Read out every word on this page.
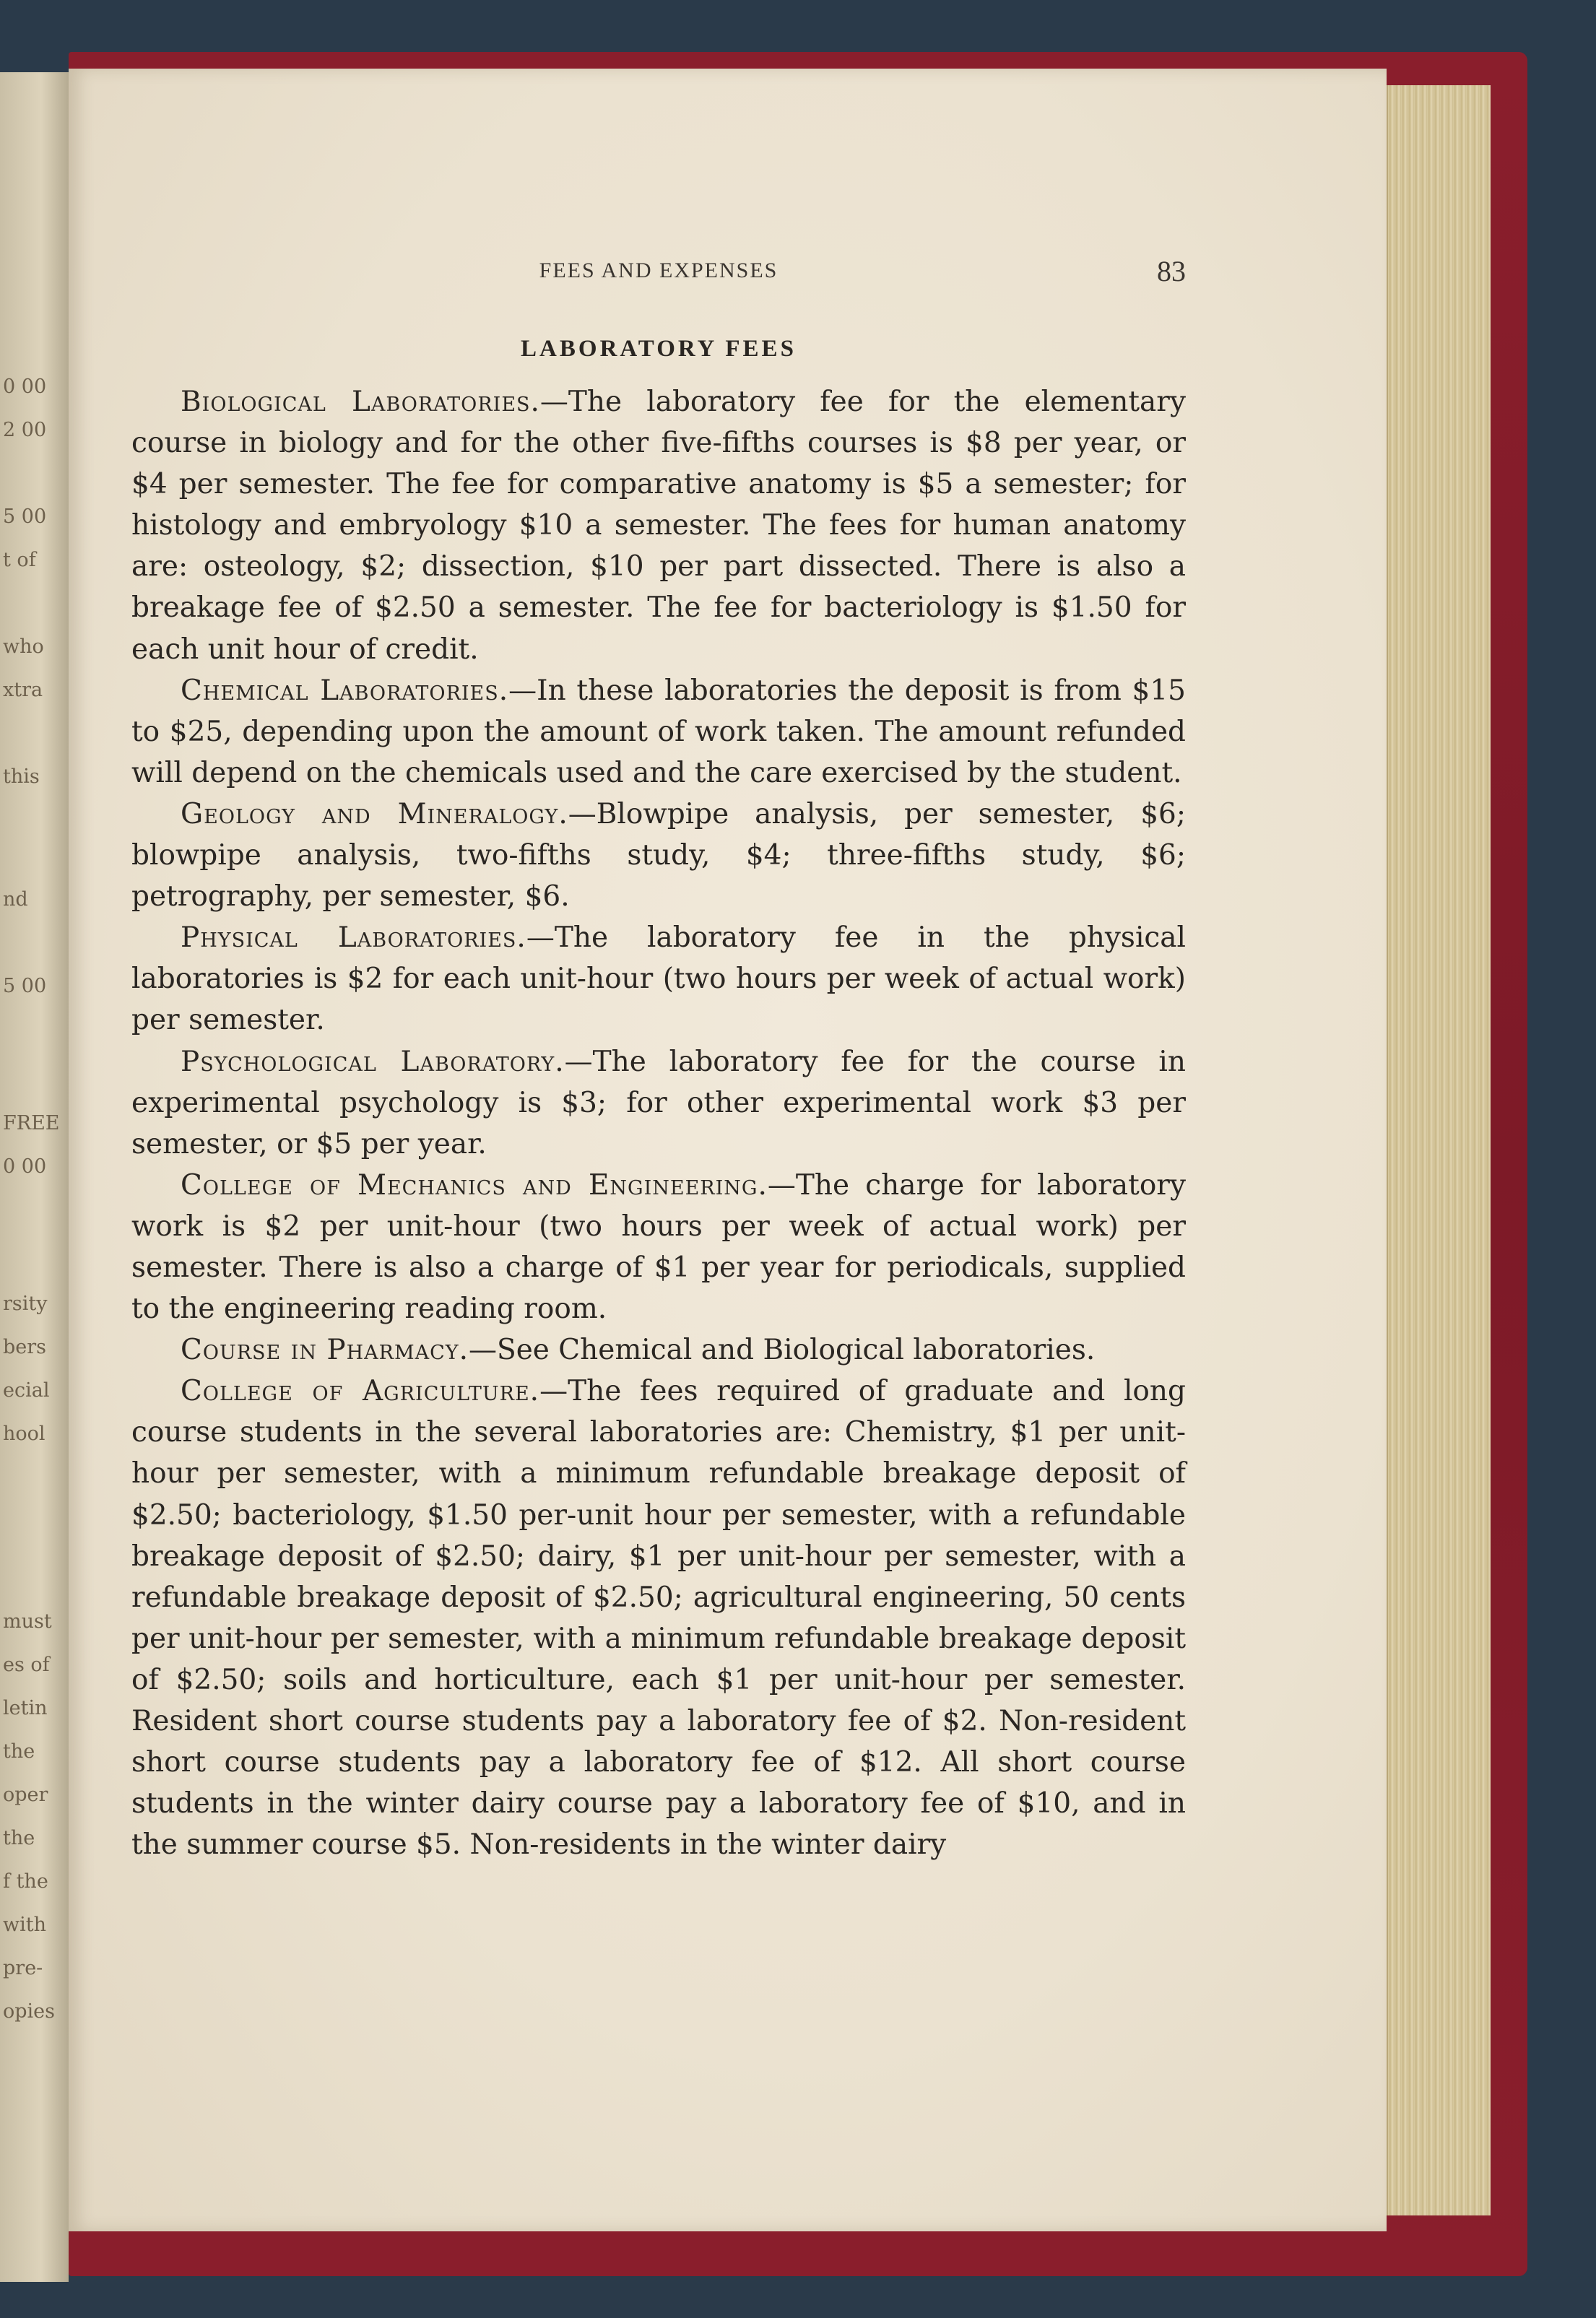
0 00
2 00
5 00
t of
who
xtra
this
nd
5 00
FREE
0 00
rsity
bers
ecial
hool
must
es of
letin
the
oper
the
f the
with
pre-
opies
FEES AND EXPENSES	83
LABORATORY FEES

Biological Laboratories.—The laboratory fee for the elementary course in biology and for the other five-fifths courses is $8 per year, or $4 per semester. The fee for comparative anatomy is $5 a semester; for histology and embryology $10 a semester. The fees for human anatomy are: osteology, $2; dissection, $10 per part dissected. There is also a breakage fee of $2.50 a semester. The fee for bacteriology is $1.50 for each unit hour of credit.

Chemical Laboratories.—In these laboratories the deposit is from $15 to $25, depending upon the amount of work taken. The amount refunded will depend on the chemicals used and the care exercised by the student.

Geology and Mineralogy.—Blowpipe analysis, per semester, $6; blowpipe analysis, two-fifths study, $4; three-fifths study, $6; petrography, per semester, $6.

Physical Laboratories.—The laboratory fee in the physical laboratories is $2 for each unit-hour (two hours per week of actual work) per semester.

Psychological Laboratory.—The laboratory fee for the course in experimental psychology is $3; for other experimental work $3 per semester, or $5 per year.

College of Mechanics and Engineering.—The charge for laboratory work is $2 per unit-hour (two hours per week of actual work) per semester. There is also a charge of $1 per year for periodicals, supplied to the engineering reading room.

Course in Pharmacy.—See Chemical and Biological laboratories.

College of Agriculture.—The fees required of graduate and long course students in the several laboratories are: Chemistry, $1 per unit-hour per semester, with a minimum refundable breakage deposit of $2.50; bacteriology, $1.50 per-unit hour per semester, with a refundable breakage deposit of $2.50; dairy, $1 per unit-hour per semester, with a refundable breakage deposit of $2.50; agricultural engineering, 50 cents per unit-hour per semester, with a minimum refundable breakage deposit of $2.50; soils and horticulture, each $1 per unit-hour per semester. Resident short course students pay a laboratory fee of $2. Non-resident short course students pay a laboratory fee of $12. All short course students in the winter dairy course pay a laboratory fee of $10, and in the summer course $5. Non-residents in the winter dairy
